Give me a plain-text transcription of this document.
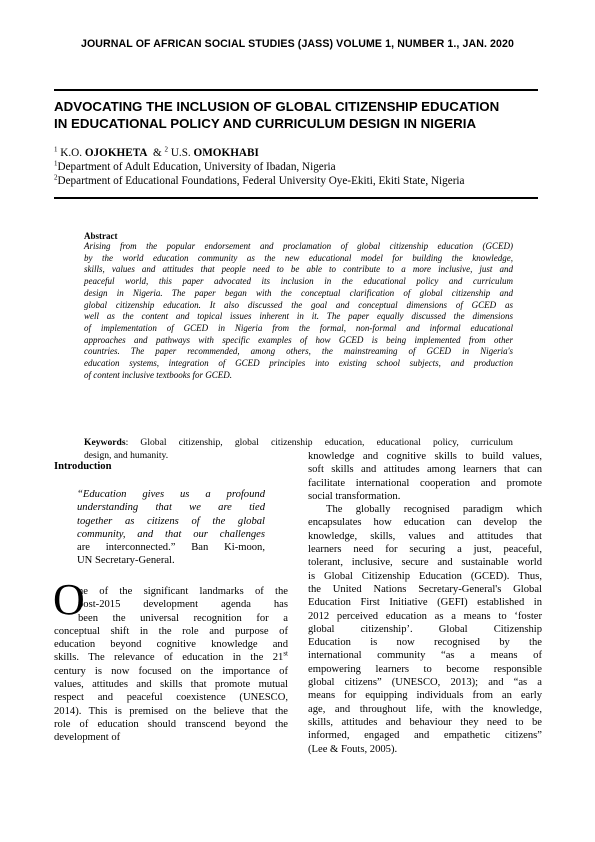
JOURNAL OF AFRICAN SOCIAL STUDIES (JASS) VOLUME 1, NUMBER 1., JAN. 2020
ADVOCATING THE INCLUSION OF GLOBAL CITIZENSHIP EDUCATION
IN EDUCATIONAL POLICY AND CURRICULUM DESIGN IN NIGERIA
$^1$ K.O. OJOKHETA & $^2$ U.S. OMOKHABI
$^1$Department of Adult Education, University of Ibadan, Nigeria
$^2$Department of Educational Foundations, Federal University Oye-Ekiti, Ekiti State, Nigeria
Abstract
Arising from the popular endorsement and proclamation of global citizenship education (GCED)
by the world education community as the new educational model for building the knowledge,
skills, values and attitudes that people need to be able to contribute to a more inclusive, just and
peaceful world, this paper advocated its inclusion in the educational policy and curriculum
design in Nigeria. The paper began with the conceptual clarification of global citizenship and
global citizenship education. It also discussed the goal and conceptual dimensions of GCED as
well as the content and topical issues inherent in it. The paper equally discussed the dimensions
of implementation of GCED in Nigeria from the formal, non-formal and informal educational
approaches and pathways with specific examples of how GCED is being implemented from other
countries. The paper recommended, among others, the mainstreaming of GCED in Nigeria's
education systems, integration of GCED principles into existing school subjects, and production
of content inclusive textbooks for GCED.
Keywords: Global citizenship, global citizenship education, educational policy, curriculum
design, and humanity.
Introduction
“Education gives us a profound
understanding that we are tied
together as citizens of the global
community, and that our challenges
are interconnected.” Ban Ki-moon,
UN Secretary-General.
O
ne of the significant landmarks of the
post-2015 development agenda has
been the universal recognition for a
conceptual shift in the role and purpose of
education beyond cognitive knowledge and
skills. The relevance of education in the 21st
century is now focused on the importance of
values, attitudes and skills that promote mutual
respect and peaceful coexistence (UNESCO,
2014). This is premised on the believe that the
role of education should transcend beyond the
development of
knowledge and cognitive skills to build values,
soft skills and attitudes among learners that can
facilitate international cooperation and promote
social transformation.
The globally recognised paradigm which
encapsulates how education can develop the
knowledge, skills, values and attitudes that
learners need for securing a just, peaceful,
tolerant, inclusive, secure and sustainable world
is Global Citizenship Education (GCED). Thus,
the United Nations Secretary-General's Global
Education First Initiative (GEFI) established in
2012 perceived education as a means to ‘foster
global citizenship’. Global Citizenship
Education is now recognised by the
international community “as a means of
empowering learners to become responsible
global citizens” (UNESCO, 2013); and “as a
means for equipping individuals from an early
age, and throughout life, with the knowledge,
skills, attitudes and behaviour they need to be
informed, engaged and empathetic citizens”
(Lee & Fouts, 2005).
